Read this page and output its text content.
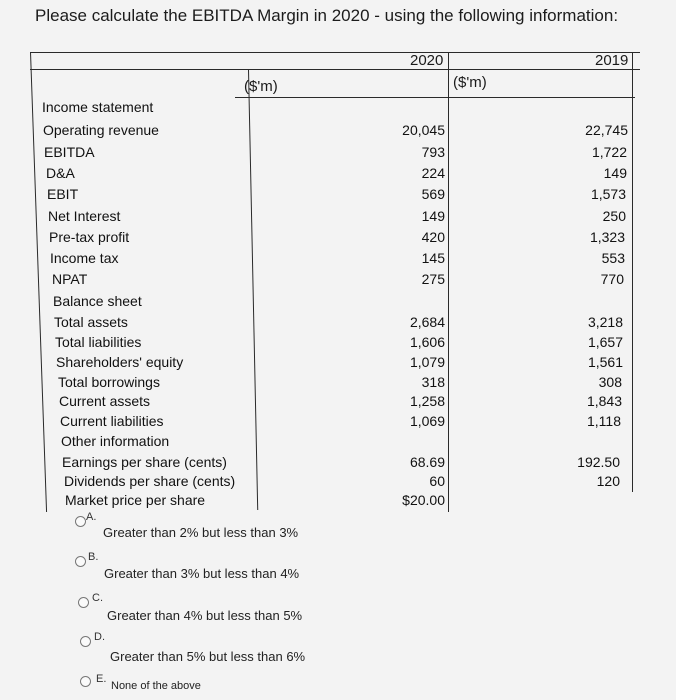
Please calculate the EBITDA Margin in 2020 - using the following information:
2020	2019
($'m)	($'m)
Income statement
Operating revenue	20,045	22,745
EBITDA	793	1,722
D&A	224	149
EBIT	569	1,573
Net Interest	149	250
Pre-tax profit	420	1,323
Income tax	145	553
NPAT	275	770
Balance sheet
Total assets	2,684	3,218
Total liabilities	1,606	1,657
Shareholders' equity	1,079	1,561
Total borrowings	318	308
Current assets	1,258	1,843
Current liabilities	1,069	1,118
Other information
Earnings per share (cents)	68.69	192.50
Dividends per share (cents)	60	120
Market price per share	$20.00
A.
Greater than 2% but less than 3%
B.
Greater than 3% but less than 4%
C.
Greater than 4% but less than 5%
D.
Greater than 5% but less than 6%
E.
None of the above
